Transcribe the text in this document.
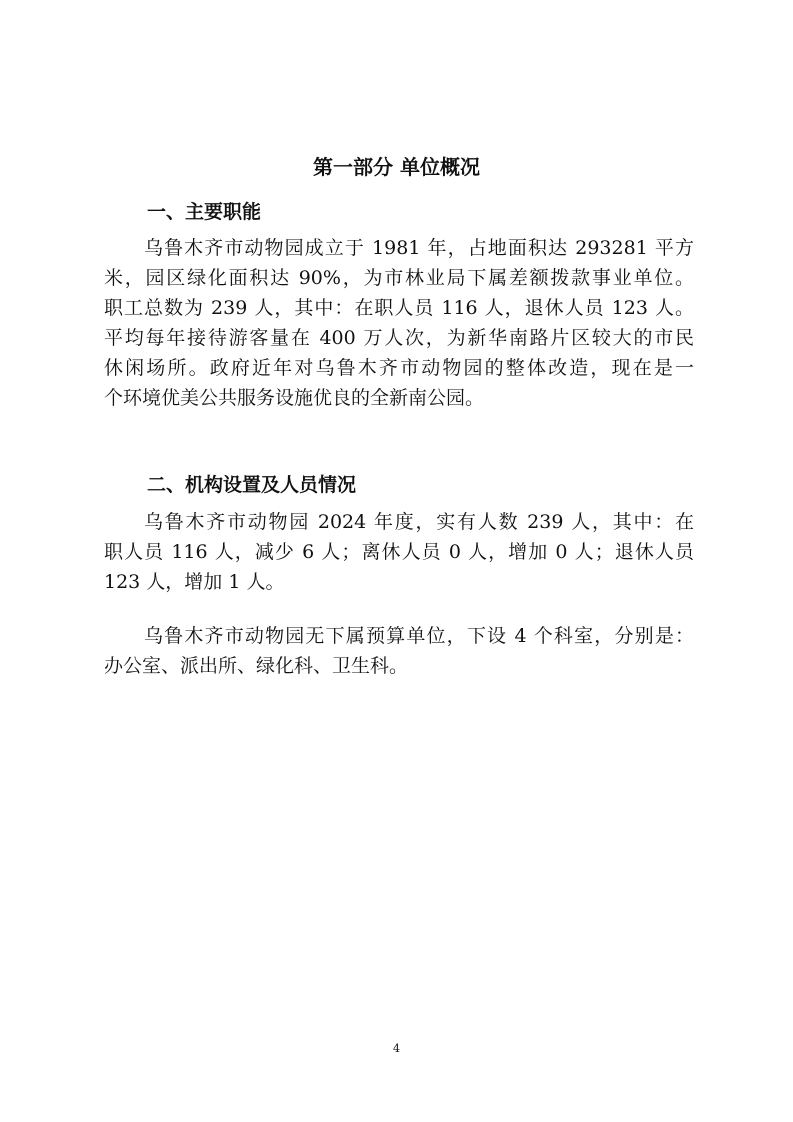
第一部分 单位概况
一、主要职能
乌鲁木齐市动物园成立于 1981 年，占地面积达 293281 平方
米，园区绿化面积达 90%，为市林业局下属差额拨款事业单位。
职工总数为 239 人，其中：在职人员 116 人，退休人员 123 人。
平均每年接待游客量在 400 万人次，为新华南路片区较大的市民
休闲场所。政府近年对乌鲁木齐市动物园的整体改造，现在是一
个环境优美公共服务设施优良的全新南公园。
二、机构设置及人员情况
乌鲁木齐市动物园 2024 年度，实有人数 239 人，其中：在
职人员 116 人，减少 6 人；离休人员 0 人，增加 0 人；退休人员
123 人，增加 1 人。
乌鲁木齐市动物园无下属预算单位，下设 4 个科室，分别是：
办公室、派出所、绿化科、卫生科。
4
